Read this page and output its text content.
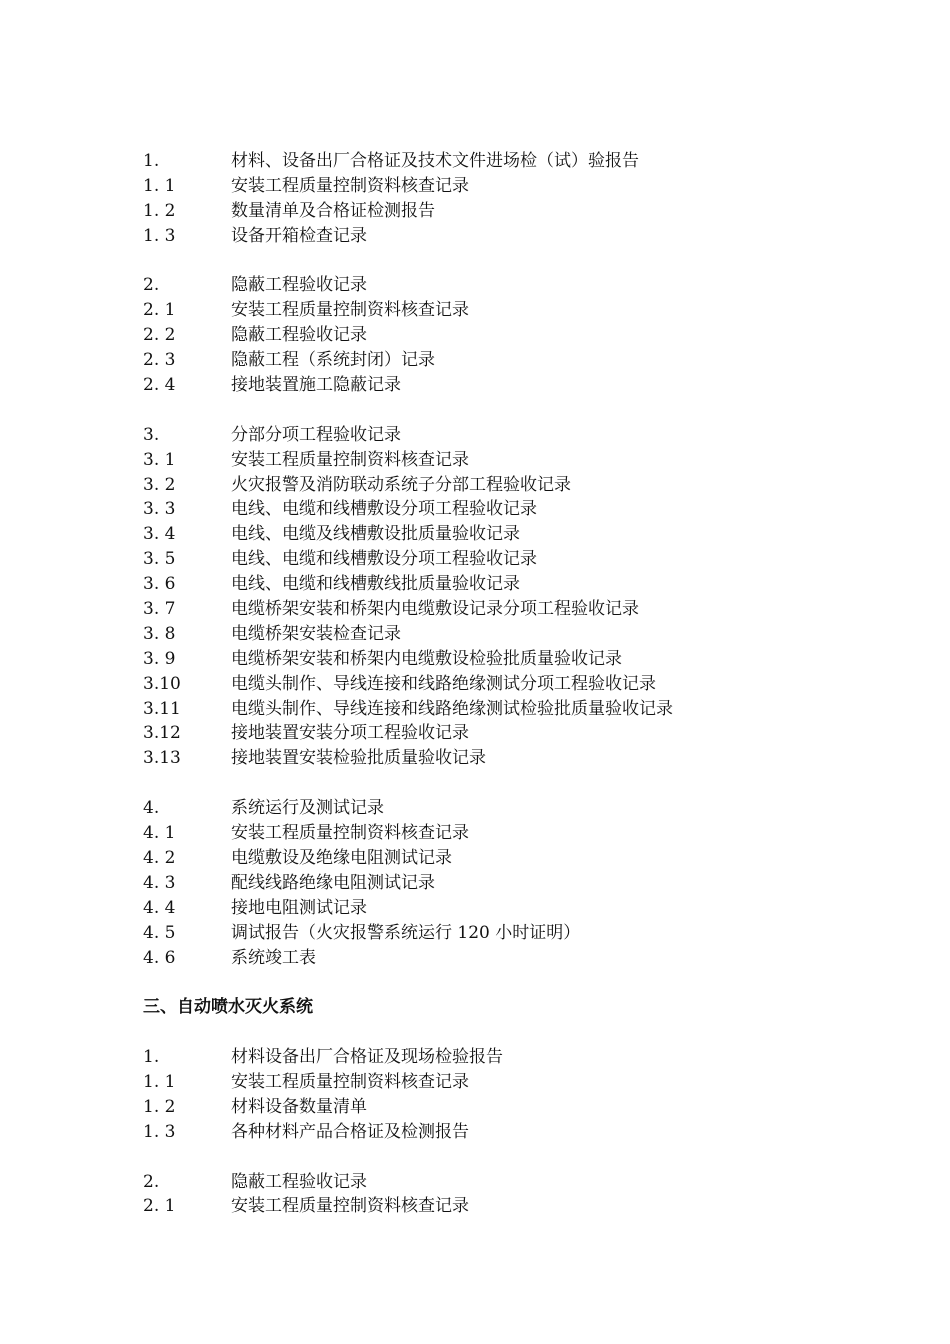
1.	材料、设备出厂合格证及技术文件进场检（试）验报告
1. 1	安装工程质量控制资料核查记录
1. 2	数量清单及合格证检测报告
1. 3	设备开箱检查记录
2.	隐蔽工程验收记录
2. 1	安装工程质量控制资料核查记录
2. 2	隐蔽工程验收记录
2. 3	隐蔽工程（系统封闭）记录
2. 4	接地装置施工隐蔽记录
3.	分部分项工程验收记录
3. 1	安装工程质量控制资料核查记录
3. 2	火灾报警及消防联动系统子分部工程验收记录
3. 3	电线、电缆和线槽敷设分项工程验收记录
3. 4	电线、电缆及线槽敷设批质量验收记录
3. 5	电线、电缆和线槽敷设分项工程验收记录
3. 6	电线、电缆和线槽敷线批质量验收记录
3. 7	电缆桥架安装和桥架内电缆敷设记录分项工程验收记录
3. 8	电缆桥架安装检查记录
3. 9	电缆桥架安装和桥架内电缆敷设检验批质量验收记录
3.10	电缆头制作、导线连接和线路绝缘测试分项工程验收记录
3.11	电缆头制作、导线连接和线路绝缘测试检验批质量验收记录
3.12	接地装置安装分项工程验收记录
3.13	接地装置安装检验批质量验收记录
4.	系统运行及测试记录
4. 1	安装工程质量控制资料核查记录
4. 2	电缆敷设及绝缘电阻测试记录
4. 3	配线线路绝缘电阻测试记录
4. 4	接地电阻测试记录
4. 5	调试报告（火灾报警系统运行 120 小时证明）
4. 6	系统竣工表
三、自动喷水灭火系统
1.	材料设备出厂合格证及现场检验报告
1. 1	安装工程质量控制资料核查记录
1. 2	材料设备数量清单
1. 3	各种材料产品合格证及检测报告
2.	隐蔽工程验收记录
2. 1	安装工程质量控制资料核查记录
